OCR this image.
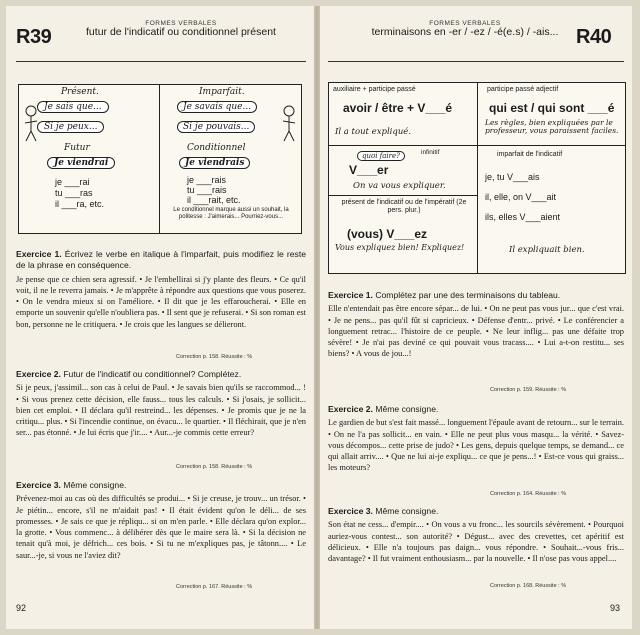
R39
FORMES VERBALES
futur de l'indicatif ou conditionnel présent
Présent.
Je sais que...
Si je peux...
Futur
Je viendrai
je ___rai
tu ___ras
il ___ra, etc.
Imparfait.
Je savais que...
Si je pouvais...
Conditionnel
Je viendrais
je ___rais
tu ___rais
il ___rait, etc.
Le conditionnel marque aussi un souhait, la politesse : J'aimerais... Pourriez-vous...
Exercice 1. Écrivez le verbe en italique à l'imparfait, puis modifiez le reste de la phrase en conséquence.
Je pense que ce chien sera agressif. • Je l'embellirai si j'y plante des fleurs. • Ce qu'il voit, il ne le reverra jamais. • Je m'apprête à répondre aux questions que vous poserez. • On le vendra mieux si on l'améliore. • Il dit que je les effaroucherai. • Elle en emporte un souvenir qu'elle n'oubliera pas. • Il sent que je refuserai. • Si son roman est bon, personne ne le critiquera. • Je crois que les langues se délieront.
Correction p. 158. Réussite : %
Exercice 2. Futur de l'indicatif ou conditionnel? Complétez.
Si je peux, j'assimil... son cas à celui de Paul. • Je savais bien qu'ils se raccommod... ! • Si vous prenez cette décision, elle fauss... tous les calculs. • Si j'osais, je sollicit... bien cet emploi. • Il déclara qu'il restreind... les dépenses. • Je promis que je ne la critiqu... plus. • Si l'incendie continue, on évacu... le quartier. • Il fléchirait, que je n'en ser... pas étonné. • Je lui écris que j'ir.... • Aur...-je commis cette erreur?
Correction p. 158. Réussite : %
Exercice 3. Même consigne.
Prévenez-moi au cas où des difficultés se produi... • Si je creuse, je trouv... un trésor. • Je piétin... encore, s'il ne m'aidait pas! • Il était évident qu'on le déli... de ses promesses. • Je sais ce que je répliqu... si on m'en parle. • Elle déclara qu'on explor... la grotte. • Vous commenc... à délibérer dès que le maire sera là. • Si la décision ne tenait qu'à moi, je défrich... ces bois. • Si tu ne m'expliques pas, je tâtonn.... • Le saur...-je, si vous ne l'aviez dit?
Correction p. 167. Réussite : %
92
FORMES VERBALES
terminaisons en -er / -ez / -é(e.s) / -ais... R40
auxiliaire + participe passé
avoir / être + V___é
Il a tout expliqué.
participe passé adjectif
qui est / qui sont ___é
Les règles, bien expliquées par le professeur, vous paraissent faciles.
infinitif
quoi faire?
V___er
On va vous expliquer.
présent de l'indicatif ou de l'impératif (2e pers. plur.)
(vous) V___ez
Vous expliquez bien! Expliquez!
imparfait de l'indicatif
je, tu V___ais
il, elle, on V___ait
ils, elles V___aient
Il expliquait bien.
Exercice 1. Complétez par une des terminaisons du tableau.
Elle n'entendait pas être encore sépar... de lui. • On ne peut pas vous jur... que c'est vrai. • Je ne pens... pas qu'il fût si capricieux. • Défense d'entr... privé. • Le conférencier a longuement retrac... l'histoire de ce peuple. • Ne leur inflig... pas une défaite trop sévère! • Je n'ai pas deviné ce qui pouvait vous tracass.... • Lui a-t-on restitu... ses biens? • A vous de jou...!
Correction p. 159. Réussite : %
Exercice 2. Même consigne.
Le gardien de but s'est fait massé... longuement l'épaule avant de retourn... sur le terrain. • On ne l'a pas sollicit... en vain. • Elle ne peut plus vous masqu... la vérité. • Savez-vous décompos... cette prise de judo? • Les gens, depuis quelque temps, se demand... ce qui allait arriv.... • Que ne lui ai-je expliqu... ce que je pens...! • Est-ce vous qui graiss... les moteurs?
Correction p. 164. Réussite : %
Exercice 3. Même consigne.
Son état ne cess... d'empir.... • On vous a vu fronc... les sourcils sévèrement. • Pourquoi auriez-vous contest... son autorité? • Dégust... avec des crevettes, cet apéritif est délicieux. • Elle n'a toujours pas daign... vous répondre. • Souhait...-vous fris... davantage? • Il fut vraiment enthousiasm... par la nouvelle. • Il n'ose pas vous appel....
Correction p. 168. Réussite : %
93
